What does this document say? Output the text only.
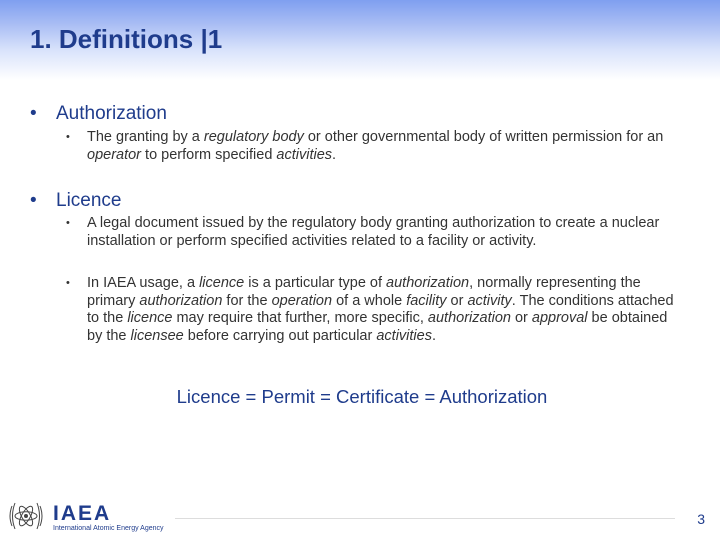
1. Definitions |1
• Authorization
• The granting by a regulatory body or other governmental body of written permission for an operator to perform specified activities.
• Licence
• A legal document issued by the regulatory body granting authorization to create a nuclear installation or perform specified activities related to a facility or activity.
• In IAEA usage, a licence is a particular type of authorization, normally representing the primary authorization for the operation of a whole facility or activity. The conditions attached to the licence may require that further, more specific, authorization or approval be obtained by the licensee before carrying out particular activities.
Licence = Permit = Certificate = Authorization
IAEA
International Atomic Energy Agency
3
